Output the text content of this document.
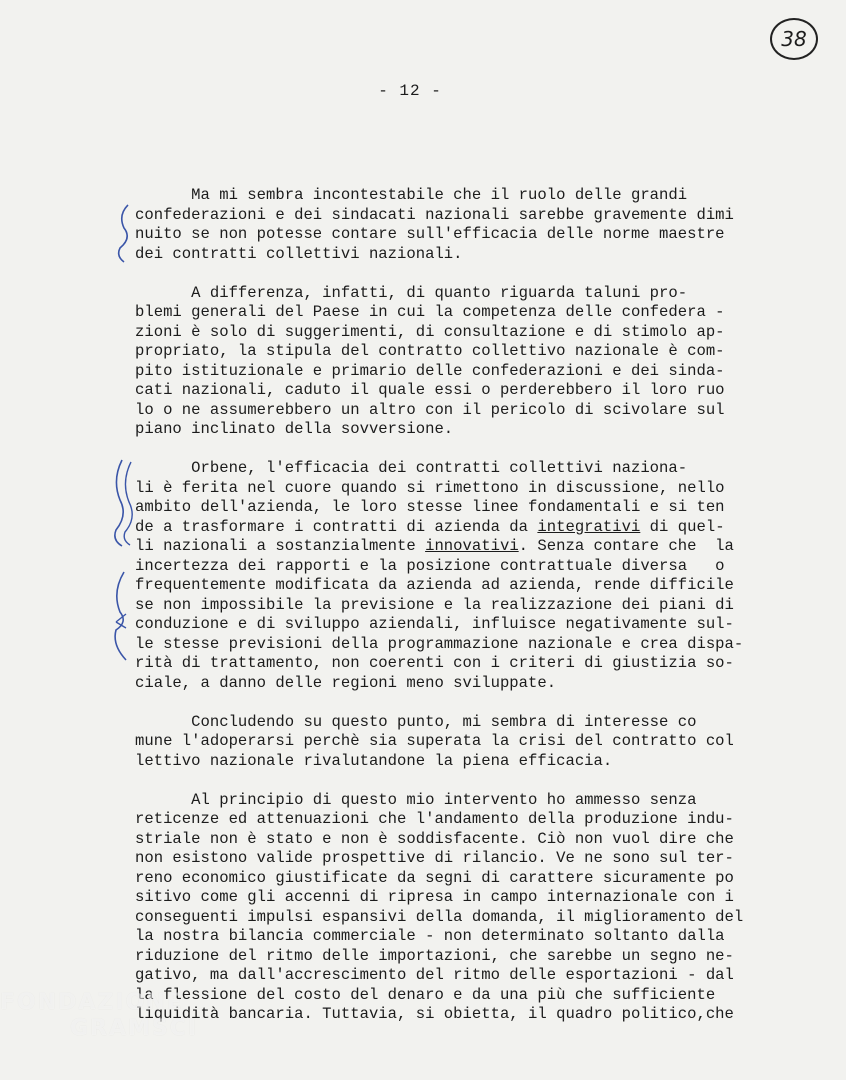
38
- 12 -
Ma mi sembra incontestabile che il ruolo delle grandi
confederazioni e dei sindacati nazionali sarebbe gravemente dimi
nuito se non potesse contare sull'efficacia delle norme maestre
dei contratti collettivi nazionali.
A differenza, infatti, di quanto riguarda taluni pro-
blemi generali del Paese in cui la competenza delle confedera -
zioni è solo di suggerimenti, di consultazione e di stimolo ap-
propriato, la stipula del contratto collettivo nazionale è com-
pito istituzionale e primario delle confederazioni e dei sinda-
cati nazionali, caduto il quale essi o perderebbero il loro ruo
lo o ne assumerebbero un altro con il pericolo di scivolare sul
piano inclinato della sovversione.
Orbene, l'efficacia dei contratti collettivi naziona-
li è ferita nel cuore quando si rimettono in discussione, nello
ambito dell'azienda, le loro stesse linee fondamentali e si ten
de a trasformare i contratti di azienda da integrativi di quel-
li nazionali a sostanzialmente innovativi. Senza contare che  la
incertezza dei rapporti e la posizione contrattuale diversa   o
frequentemente modificata da azienda ad azienda, rende difficile
se non impossibile la previsione e la realizzazione dei piani di
conduzione e di sviluppo aziendali, influisce negativamente sul-
le stesse previsioni della programmazione nazionale e crea dispa-
rità di trattamento, non coerenti con i criteri di giustizia so-
ciale, a danno delle regioni meno sviluppate.
Concludendo su questo punto, mi sembra di interesse co
mune l'adoperarsi perchè sia superata la crisi del contratto col
lettivo nazionale rivalutandone la piena efficacia.
Al principio di questo mio intervento ho ammesso senza
reticenze ed attenuazioni che l'andamento della produzione indu-
striale non è stato e non è soddisfacente. Ciò non vuol dire che
non esistono valide prospettive di rilancio. Ve ne sono sul ter-
reno economico giustificate da segni di carattere sicuramente po
sitivo come gli accenni di ripresa in campo internazionale con i
conseguenti impulsi espansivi della domanda, il miglioramento del
la nostra bilancia commerciale - non determinato soltanto dalla
riduzione del ritmo delle importazioni, che sarebbe un segno ne-
gativo, ma dall'accrescimento del ritmo delle esportazioni - dal
la flessione del costo del denaro e da una più che sufficiente
liquidità bancaria. Tuttavia, si obietta, il quadro politico,che
FONDAZIONE
GRAMSCI
